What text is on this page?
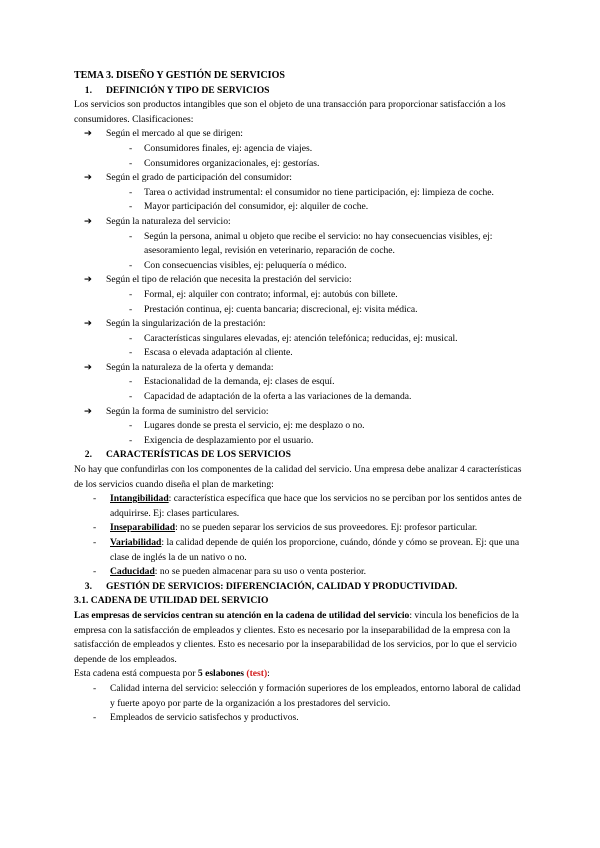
TEMA 3. DISEÑO Y GESTIÓN DE SERVICIOS
1. DEFINICIÓN Y TIPO DE SERVICIOS
Los servicios son productos intangibles que son el objeto de una transacción para proporcionar satisfacción a los consumidores. Clasificaciones:
➔ Según el mercado al que se dirigen:
- Consumidores finales, ej: agencia de viajes.
- Consumidores organizacionales, ej: gestorías.
➔ Según el grado de participación del consumidor:
- Tarea o actividad instrumental: el consumidor no tiene participación, ej: limpieza de coche.
- Mayor participación del consumidor, ej: alquiler de coche.
➔ Según la naturaleza del servicio:
- Según la persona, animal u objeto que recibe el servicio: no hay consecuencias visibles, ej: asesoramiento legal, revisión en veterinario, reparación de coche.
- Con consecuencias visibles, ej: peluquería o médico.
➔ Según el tipo de relación que necesita la prestación del servicio:
- Formal, ej: alquiler con contrato; informal, ej: autobús con billete.
- Prestación continua, ej: cuenta bancaria; discrecional, ej: visita médica.
➔ Según la singularización de la prestación:
- Características singulares elevadas, ej: atención telefónica; reducidas, ej: musical.
- Escasa o elevada adaptación al cliente.
➔ Según la naturaleza de la oferta y demanda:
- Estacionalidad de la demanda, ej: clases de esquí.
- Capacidad de adaptación de la oferta a las variaciones de la demanda.
➔ Según la forma de suministro del servicio:
- Lugares donde se presta el servicio, ej: me desplazo o no.
- Exigencia de desplazamiento por el usuario.
2. CARACTERÍSTICAS DE LOS SERVICIOS
No hay que confundirlas con los componentes de la calidad del servicio. Una empresa debe analizar 4 características de los servicios cuando diseña el plan de marketing:
- Intangibilidad: característica específica que hace que los servicios no se perciban por los sentidos antes de adquirirse. Ej: clases particulares.
- Inseparabilidad: no se pueden separar los servicios de sus proveedores. Ej: profesor particular.
- Variabilidad: la calidad depende de quién los proporcione, cuándo, dónde y cómo se provean. Ej: que una clase de inglés la de un nativo o no.
- Caducidad: no se pueden almacenar para su uso o venta posterior.
3. GESTIÓN DE SERVICIOS: DIFERENCIACIÓN, CALIDAD Y PRODUCTIVIDAD.
3.1. CADENA DE UTILIDAD DEL SERVICIO
Las empresas de servicios centran su atención en la cadena de utilidad del servicio: vincula los beneficios de la empresa con la satisfacción de empleados y clientes. Esto es necesario por la inseparabilidad de la empresa con la satisfacción de empleados y clientes. Esto es necesario por la inseparabilidad de los servicios, por lo que el servicio depende de los empleados.
Esta cadena está compuesta por 5 eslabones (test):
- Calidad interna del servicio: selección y formación superiores de los empleados, entorno laboral de calidad y fuerte apoyo por parte de la organización a los prestadores del servicio.
- Empleados de servicio satisfechos y productivos.
